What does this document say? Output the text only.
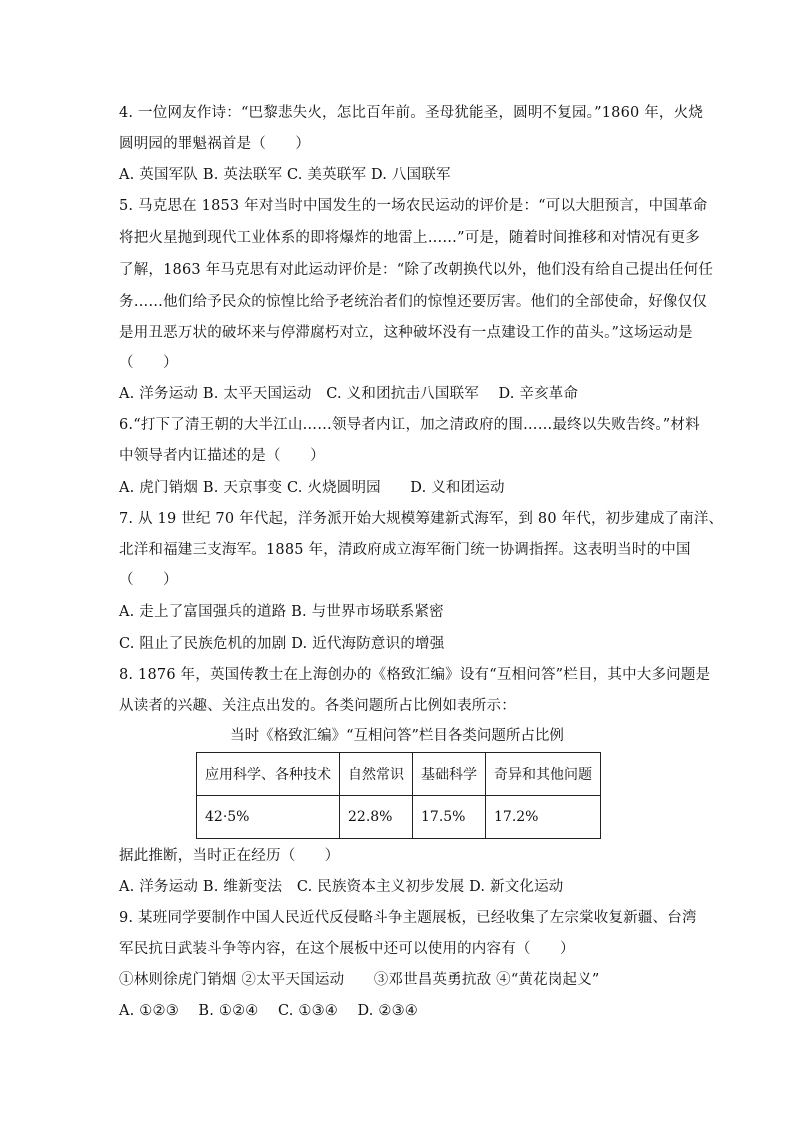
4. 一位网友作诗：“巴黎悲失火，怎比百年前。圣母犹能圣，圆明不复园。”1860 年，火烧
圆明园的罪魁祸首是（　　）
A. 英国军队 B. 英法联军 C. 美英联军 D. 八国联军
5. 马克思在 1853 年对当时中国发生的一场农民运动的评价是：“可以大胆预言，中国革命
将把火星抛到现代工业体系的即将爆炸的地雷上……”可是，随着时间推移和对情况有更多
了解，1863 年马克思有对此运动评价是：“除了改朝换代以外，他们没有给自己提出任何任
务……他们给予民众的惊惶比给予老统治者们的惊惶还要厉害。他们的全部使命，好像仅仅
是用丑恶万状的破坏来与停滞腐朽对立，这种破坏没有一点建设工作的苗头。”这场运动是
（　　）
A. 洋务运动 B. 太平天国运动　C. 义和团抗击八国联军　 D. 辛亥革命
6.“打下了清王朝的大半江山……领导者内讧，加之清政府的围……最终以失败告终。”材料
中领导者内讧描述的是（　　）
A. 虎门销烟 B. 天京事变 C. 火烧圆明园　　D. 义和团运动
7. 从 19 世纪 70 年代起，洋务派开始大规模筹建新式海军，到 80 年代，初步建成了南洋、
北洋和福建三支海军。1885 年，清政府成立海军衙门统一协调指挥。这表明当时的中国
（　　）
A. 走上了富国强兵的道路 B. 与世界市场联系紧密
C. 阻止了民族危机的加剧 D. 近代海防意识的增强
8. 1876 年，英国传教士在上海创办的《格致汇编》设有“互相问答”栏目，其中大多问题是
从读者的兴趣、关注点出发的。各类问题所占比例如表所示：
当时《格致汇编》“互相问答”栏目各类问题所占比例
应用科学、各种技术	自然常识	基础科学	奇异和其他问题
42·5%	22.8%	17.5%	17.2%
据此推断，当时正在经历（　　）
A. 洋务运动 B. 维新变法　C. 民族资本主义初步发展 D. 新文化运动
9. 某班同学要制作中国人民近代反侵略斗争主题展板，已经收集了左宗棠收复新疆、台湾
军民抗日武装斗争等内容，在这个展板中还可以使用的内容有（　　）
①林则徐虎门销烟 ②太平天国运动　　③邓世昌英勇抗敌 ④“黄花岗起义”
A. ①②③　 B. ①②④　 C. ①③④　 D. ②③④
